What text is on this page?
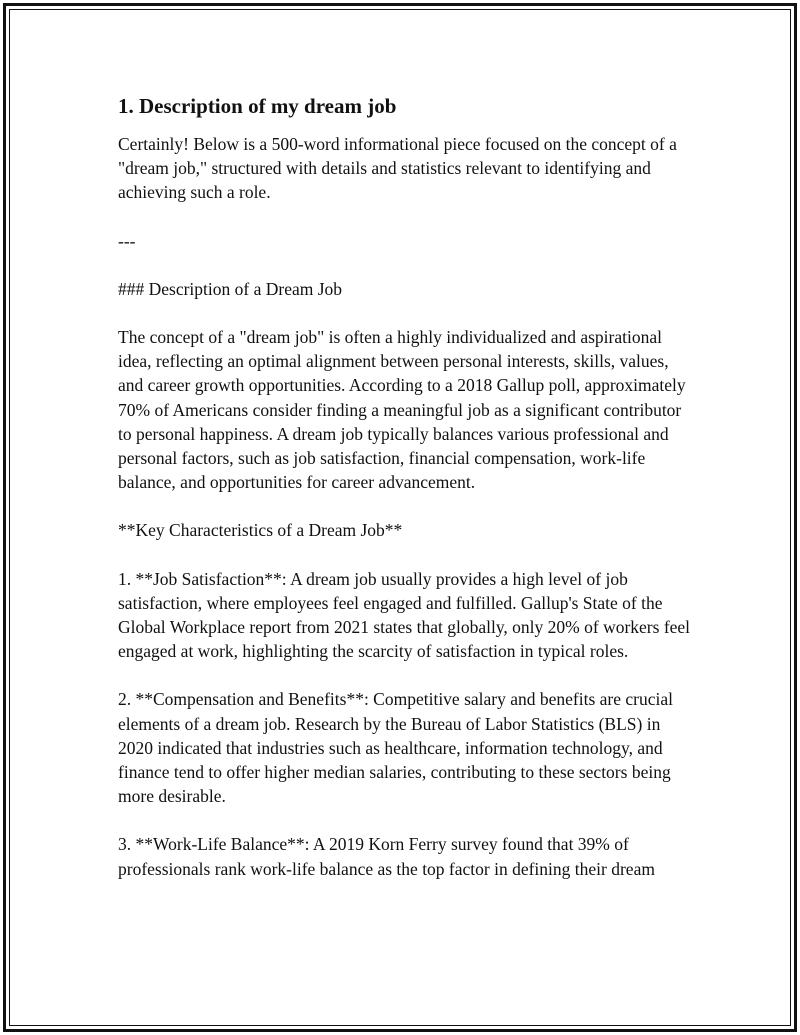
1. Description of my dream job

Certainly! Below is a 500-word informational piece focused on the concept of a "dream job," structured with details and statistics relevant to identifying and achieving such a role.

---

### Description of a Dream Job

The concept of a "dream job" is often a highly individualized and aspirational idea, reflecting an optimal alignment between personal interests, skills, values, and career growth opportunities. According to a 2018 Gallup poll, approximately 70% of Americans consider finding a meaningful job as a significant contributor to personal happiness. A dream job typically balances various professional and personal factors, such as job satisfaction, financial compensation, work-life balance, and opportunities for career advancement.

**Key Characteristics of a Dream Job**

1. **Job Satisfaction**: A dream job usually provides a high level of job satisfaction, where employees feel engaged and fulfilled. Gallup's State of the Global Workplace report from 2021 states that globally, only 20% of workers feel engaged at work, highlighting the scarcity of satisfaction in typical roles.

2. **Compensation and Benefits**: Competitive salary and benefits are crucial elements of a dream job. Research by the Bureau of Labor Statistics (BLS) in 2020 indicated that industries such as healthcare, information technology, and finance tend to offer higher median salaries, contributing to these sectors being more desirable.

3. **Work-Life Balance**: A 2019 Korn Ferry survey found that 39% of professionals rank work-life balance as the top factor in defining their dream
